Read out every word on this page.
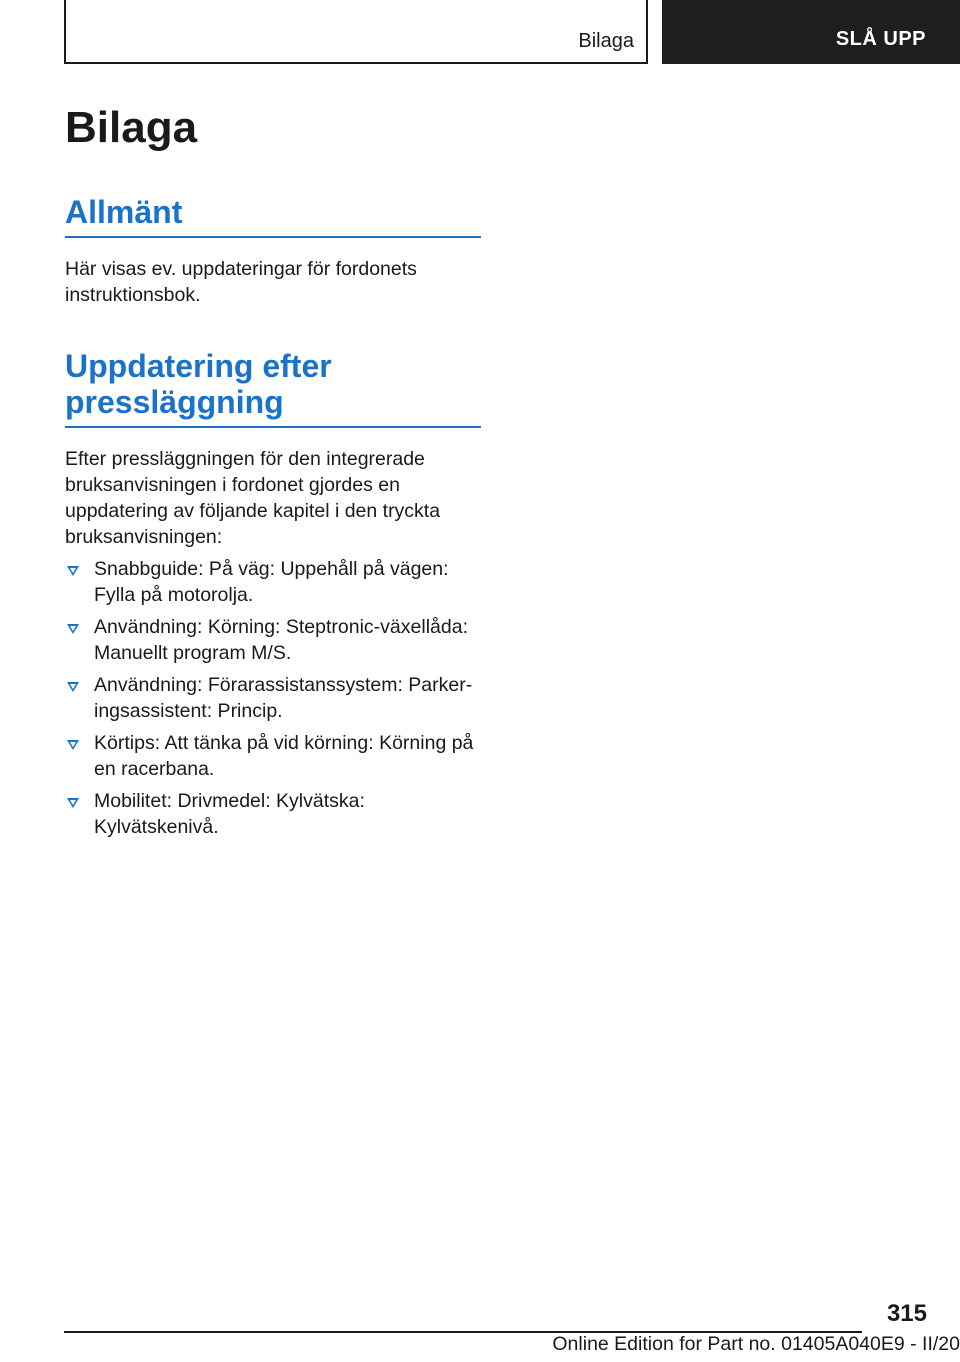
Bilaga	SLÅ UPP
Bilaga
Allmänt

Här visas ev. uppdateringar för fordonets instruktionsbok.

Uppdatering efter pressläggning

Efter pressläggningen för den integrerade bruksanvisningen i fordonet gjordes en uppdatering av följande kapitel i den tryckta bruksanvisningen:

Snabbguide: På väg: Uppehåll på vägen: Fylla på motorolja.
Användning: Körning: Steptronic-växellåda: Manuellt program M/S.
Användning: Förarassistanssystem: Parkeringsassistent: Princip.
Körtips: Att tänka på vid körning: Körning på en racerbana.
Mobilitet: Drivmedel: Kylvätska: Kylvätskenivå.
315
Online Edition for Part no. 01405A040E9 - II/20
